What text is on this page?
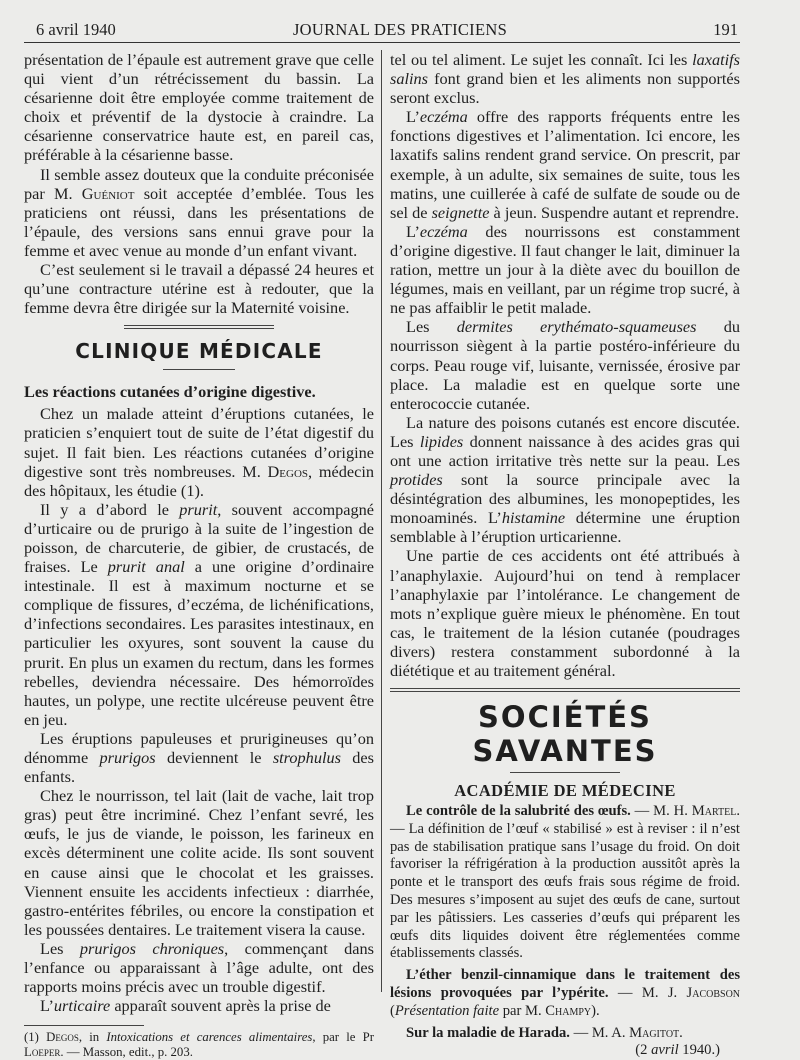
6 avril 1940	JOURNAL DES PRATICIENS	191

présentation de l’épaule est autrement grave que celle qui vient d’un rétrécissement du bassin. La césarienne doit être employée comme traitement de choix et préventif de la dystocie à craindre. La césarienne conservatrice haute est, en pareil cas, préférable à la césarienne basse.

Il semble assez douteux que la conduite préconisée par M. Guéniot soit acceptée d’emblée. Tous les praticiens ont réussi, dans les présentations de l’épaule, des versions sans ennui grave pour la femme et avec venue au monde d’un enfant vivant.

C’est seulement si le travail a dépassé 24 heures et qu’une contracture utérine est à redouter, que la femme devra être dirigée sur la Maternité voisine.

CLINIQUE MÉDICALE
Les réactions cutanées d’origine digestive.

Chez un malade atteint d’éruptions cutanées, le praticien s’enquiert tout de suite de l’état digestif du sujet. Il fait bien. Les réactions cutanées d’origine digestive sont très nombreuses. M. Degos, médecin des hôpitaux, les étudie (1).

Il y a d’abord le prurit, souvent accompagné d’urticaire ou de prurigo à la suite de l’ingestion de poisson, de charcuterie, de gibier, de crustacés, de fraises. Le prurit anal a une origine d’ordinaire intestinale. Il est à maximum nocturne et se complique de fissures, d’eczéma, de lichénifications, d’infections secondaires. Les parasites intestinaux, en particulier les oxyures, sont souvent la cause du prurit. En plus un examen du rectum, dans les formes rebelles, deviendra nécessaire. Des hémorroïdes hautes, un polype, une rectite ulcéreuse peuvent être en jeu.

Les éruptions papuleuses et prurigineuses qu’on dénomme prurigos deviennent le strophulus des enfants.

Chez le nourrisson, tel lait (lait de vache, lait trop gras) peut être incriminé. Chez l’enfant sevré, les œufs, le jus de viande, le poisson, les farineux en excès déterminent une colite acide. Ils sont souvent en cause ainsi que le chocolat et les graisses. Viennent ensuite les accidents infectieux : diarrhée, gastro-entérites fébriles, ou encore la constipation et les poussées dentaires. Le traitement visera la cause.

Les prurigos chroniques, commençant dans l’enfance ou apparaissant à l’âge adulte, ont des rapports moins précis avec un trouble digestif.

L’urticaire apparaît souvent après la prise de

(1) Degos, in Intoxications et carences alimentaires, par le Pr Loeper. — Masson, edit., p. 203.

tel ou tel aliment. Le sujet les connaît. Ici les laxatifs salins font grand bien et les aliments non supportés seront exclus.

L’eczéma offre des rapports fréquents entre les fonctions digestives et l’alimentation. Ici encore, les laxatifs salins rendent grand service. On prescrit, par exemple, à un adulte, six semaines de suite, tous les matins, une cuillerée à café de sulfate de soude ou de sel de seignette à jeun. Suspendre autant et reprendre.

L’eczéma des nourrissons est constamment d’origine digestive. Il faut changer le lait, diminuer la ration, mettre un jour à la diète avec du bouillon de légumes, mais en veillant, par un régime trop sucré, à ne pas affaiblir le petit malade.

Les dermites erythémato-squameuses du nourrisson siègent à la partie postéro-inférieure du corps. Peau rouge vif, luisante, vernissée, érosive par place. La maladie est en quelque sorte une enterococcie cutanée.

La nature des poisons cutanés est encore discutée. Les lipides donnent naissance à des acides gras qui ont une action irritative très nette sur la peau. Les protides sont la source principale avec la désintégration des albumines, les monopeptides, les monoaminés. L’histamine détermine une éruption semblable à l’éruption urticarienne.

Une partie de ces accidents ont été attribués à l’anaphylaxie. Aujourd’hui on tend à remplacer l’anaphylaxie par l’intolérance. Le changement de mots n’explique guère mieux le phénomène. En tout cas, le traitement de la lésion cutanée (poudrages divers) restera constamment subordonné à la diététique et au traitement général.

SOCIÉTÉS SAVANTES
ACADÉMIE DE MÉDECINE

Le contrôle de la salubrité des œufs. — M. H. Martel. — La définition de l’œuf « stabilisé » est à reviser : il n’est pas de stabilisation pratique sans l’usage du froid. On doit favoriser la réfrigération à la production aussitôt après la ponte et le transport des œufs frais sous régime de froid. Des mesures s’imposent au sujet des œufs de cane, surtout par les pâtissiers. Les casseries d’œufs qui préparent les œufs dits liquides doivent être réglementées comme établissements classés.

L’éther benzil-cinnamique dans le traitement des lésions provoquées par l’ypérite. — M. J. Jacobson (Présentation faite par M. Champy).

Sur la maladie de Harada. — M. A. Magitot.

(2 avril 1940.)
